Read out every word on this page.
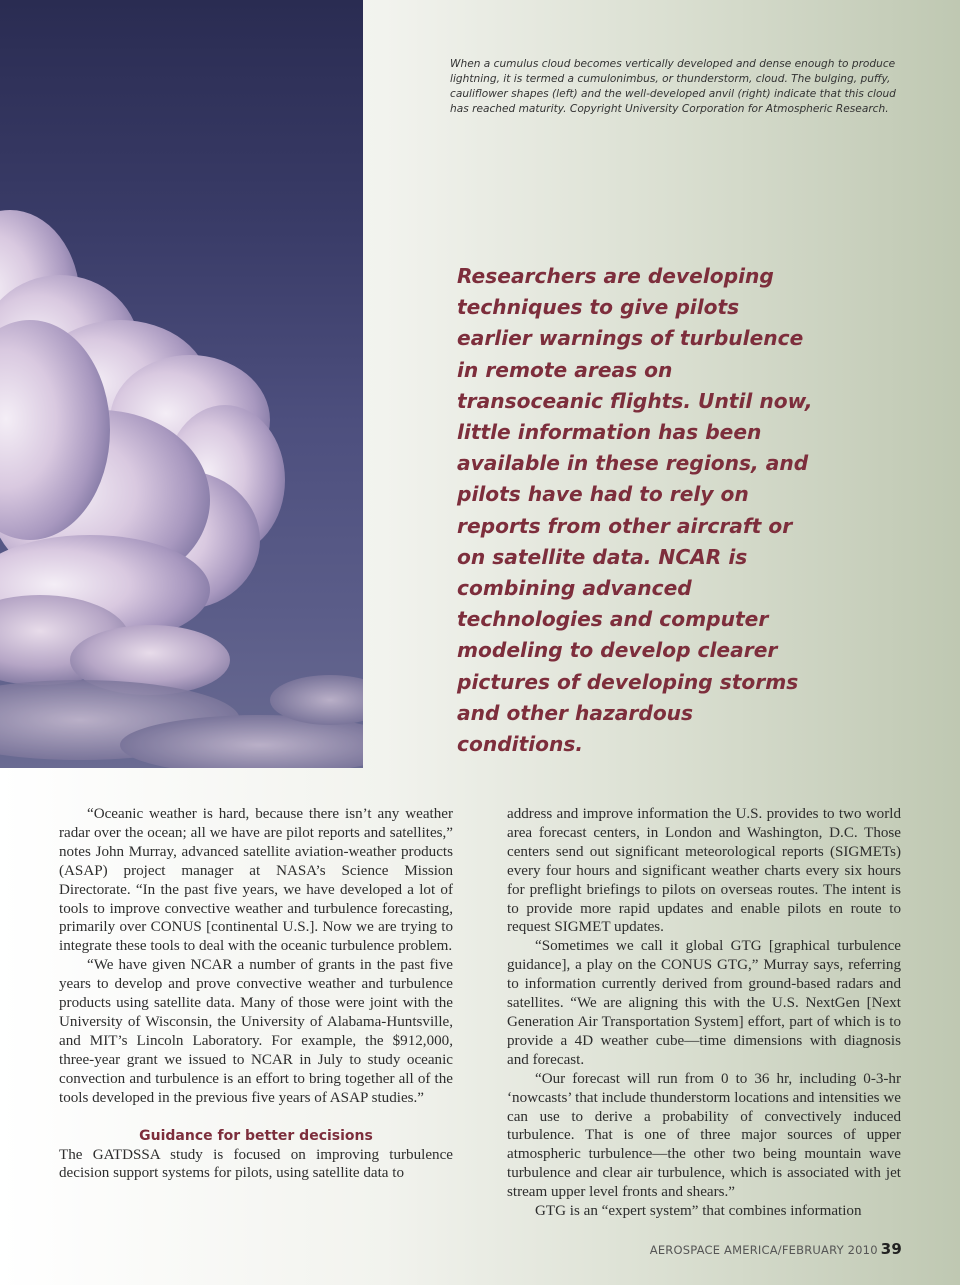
When a cumulus cloud becomes vertically developed and dense enough to produce lightning, it is termed a cumulonimbus, or thunderstorm, cloud. The bulging, puffy, cauliflower shapes (left) and the well-developed anvil (right) indicate that this cloud has reached maturity. Copyright University Corporation for Atmospheric Research.
Researchers are developing techniques to give pilots earlier warnings of turbulence in remote areas on transoceanic flights. Until now, little information has been available in these regions, and pilots have had to rely on reports from other aircraft or on satellite data. NCAR is combining advanced technologies and computer modeling to develop clearer pictures of developing storms and other hazardous conditions.

“Oceanic weather is hard, because there isn’t any weather radar over the ocean; all we have are pilot reports and satellites,” notes John Murray, advanced satellite aviation-weather products (ASAP) project manager at NASA’s Science Mission Directorate. “In the past five years, we have developed a lot of tools to improve convective weather and turbulence forecasting, primarily over CONUS [continental U.S.]. Now we are trying to integrate these tools to deal with the oceanic turbulence problem.

“We have given NCAR a number of grants in the past five years to develop and prove convective weather and turbulence products using satellite data. Many of those were joint with the University of Wisconsin, the University of Alabama-Huntsville, and MIT’s Lincoln Laboratory. For example, the $912,000, three-year grant we issued to NCAR in July to study oceanic convection and turbulence is an effort to bring together all of the tools developed in the previous five years of ASAP studies.”

Guidance for better decisions

The GATDSSA study is focused on improving turbulence decision support systems for pilots, using satellite data to

address and improve information the U.S. provides to two world area forecast centers, in London and Washington, D.C. Those centers send out significant meteorological reports (SIGMETs) every four hours and significant weather charts every six hours for preflight briefings to pilots on overseas routes. The intent is to provide more rapid updates and enable pilots en route to request SIGMET updates.

“Sometimes we call it global GTG [graphical turbulence guidance], a play on the CONUS GTG,” Murray says, referring to information currently derived from ground-based radars and satellites. “We are aligning this with the U.S. NextGen [Next Generation Air Transportation System] effort, part of which is to provide a 4D weather cube—time dimensions with diagnosis and forecast.

“Our forecast will run from 0 to 36 hr, including 0-3-hr ‘nowcasts’ that include thunderstorm locations and intensities we can use to derive a probability of convectively induced turbulence. That is one of three major sources of upper atmospheric turbulence—the other two being mountain wave turbulence and clear air turbulence, which is associated with jet stream upper level fronts and shears.”

GTG is an “expert system” that combines information

AEROSPACE AMERICA/FEBRUARY 2010 39
